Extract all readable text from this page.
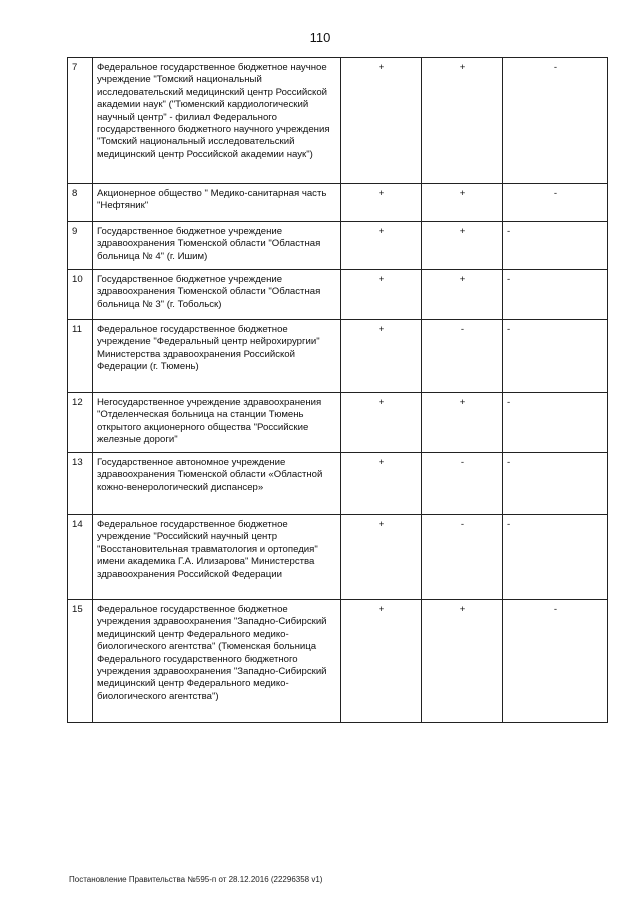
110
7	Федеральное государственное бюджетное научное учреждение "Томский национальный исследовательский медицинский центр Российской академии наук" ("Тюменский кардиологический научный центр" - филиал Федерального государственного бюджетного научного учреждения "Томский национальный исследовательский медицинский центр Российской академии наук")	+	+	-
8	Акционерное общество " Медико-санитарная часть "Нефтяник"	+	+	-
9	Государственное бюджетное учреждение здравоохранения Тюменской области "Областная больница № 4" (г. Ишим)	+	+	-
10	Государственное бюджетное учреждение здравоохранения Тюменской области "Областная больница № 3" (г. Тобольск)	+	+	-
11	Федеральное государственное бюджетное учреждение "Федеральный центр нейрохирургии" Министерства здравоохранения Российской Федерации (г. Тюмень)	+	-	-
12	Негосударственное учреждение здравоохранения "Отделенческая больница на станции Тюмень открытого акционерного общества "Российские железные дороги"	+	+	-
13	Государственное автономное учреждение здравоохранения Тюменской области «Областной кожно-венерологический диспансер»	+	-	-
14	Федеральное государственное бюджетное учреждение "Российский научный центр "Восстановительная травматология и ортопедия" имени академика Г.А. Илизарова" Министерства здравоохранения Российской Федерации	+	-	-
15	Федеральное государственное бюджетное учреждения здравоохранения "Западно-Сибирский медицинский центр Федерального медико-биологического агентства" (Тюменская больница Федерального государственного бюджетного учреждения здравоохранения "Западно-Сибирский медицинский центр Федерального медико-биологического агентства")	+	+	-
Постановление Правительства №595-п от 28.12.2016 (22296358 v1)
